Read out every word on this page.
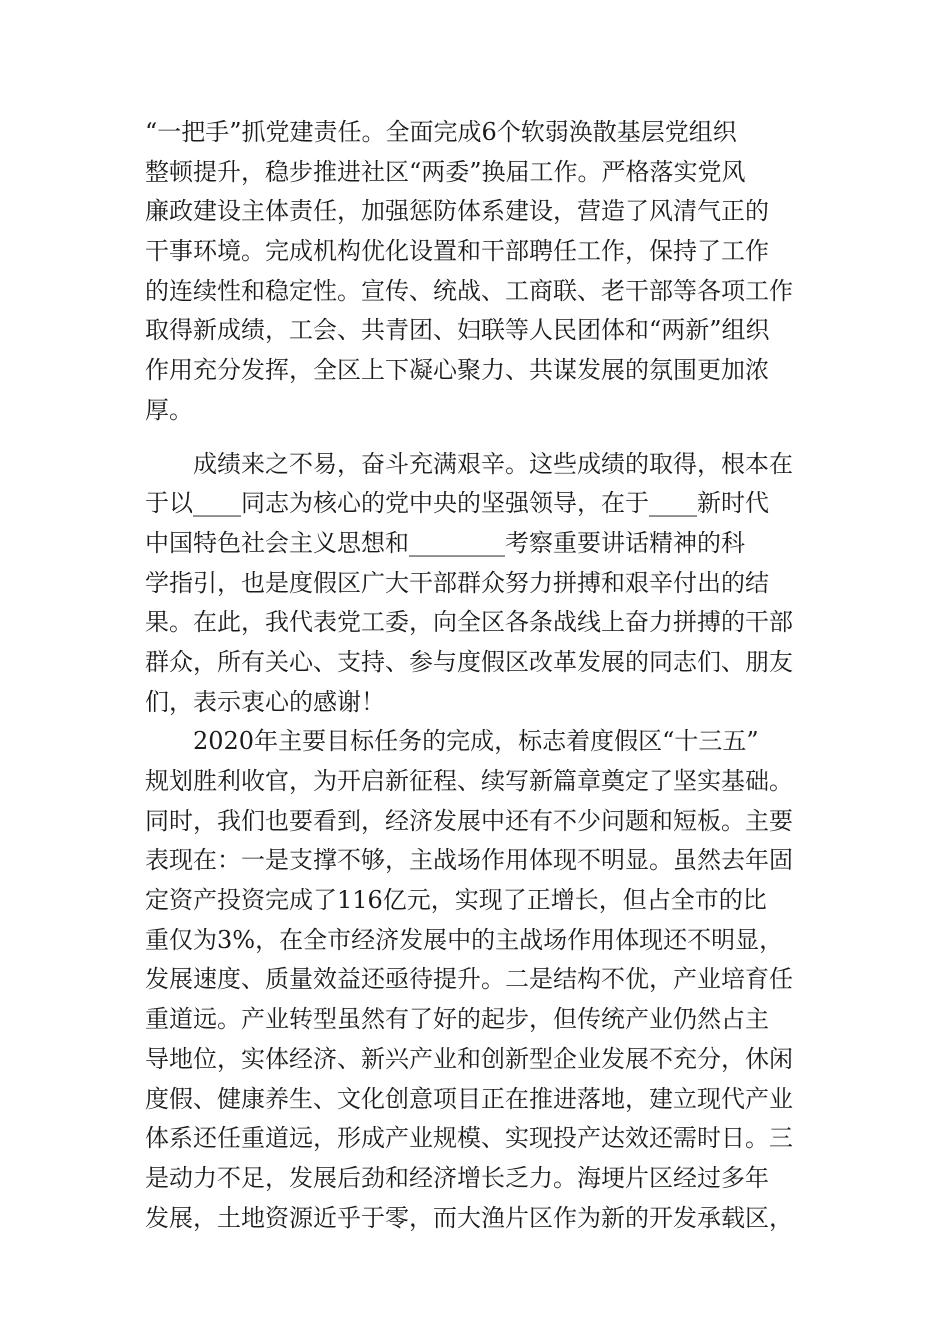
“一把手”抓党建责任。全面完成6个软弱涣散基层党组织
整顿提升，稳步推进社区“两委”换届工作。严格落实党风
廉政建设主体责任，加强惩防体系建设，营造了风清气正的
干事环境。完成机构优化设置和干部聘任工作，保持了工作
的连续性和稳定性。宣传、统战、工商联、老干部等各项工作
取得新成绩，工会、共青团、妇联等人民团体和“两新”组织
作用充分发挥，全区上下凝心聚力、共谋发展的氛围更加浓
厚。
成绩来之不易，奋斗充满艰辛。这些成绩的取得，根本在
于以____同志为核心的党中央的坚强领导，在于____新时代
中国特色社会主义思想和________考察重要讲话精神的科
学指引，也是度假区广大干部群众努力拼搏和艰辛付出的结
果。在此，我代表党工委，向全区各条战线上奋力拼搏的干部
群众，所有关心、支持、参与度假区改革发展的同志们、朋友
们，表示衷心的感谢！
2020年主要目标任务的完成，标志着度假区“十三五”
规划胜利收官，为开启新征程、续写新篇章奠定了坚实基础。
同时，我们也要看到，经济发展中还有不少问题和短板。主要
表现在：一是支撑不够，主战场作用体现不明显。虽然去年固
定资产投资完成了116亿元，实现了正增长，但占全市的比
重仅为3%，在全市经济发展中的主战场作用体现还不明显，
发展速度、质量效益还亟待提升。二是结构不优，产业培育任
重道远。产业转型虽然有了好的起步，但传统产业仍然占主
导地位，实体经济、新兴产业和创新型企业发展不充分，休闲
度假、健康养生、文化创意项目正在推进落地，建立现代产业
体系还任重道远，形成产业规模、实现投产达效还需时日。三
是动力不足，发展后劲和经济增长乏力。海埂片区经过多年
发展，土地资源近乎于零，而大渔片区作为新的开发承载区，
